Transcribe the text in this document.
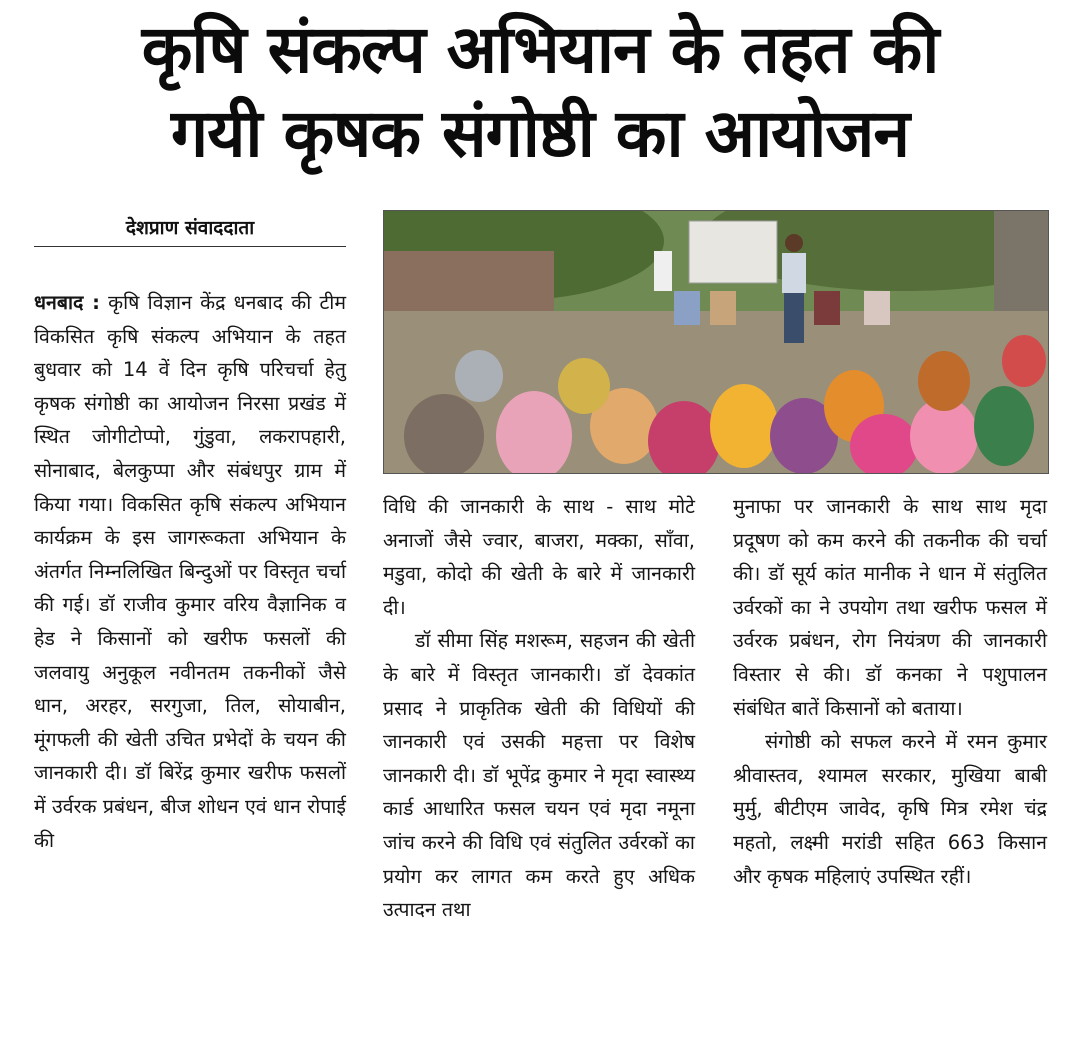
कृषि संकल्प अभियान के तहत की
गयी कृषक संगोष्ठी का आयोजन
देशप्राण संवाददाता

धनबाद : कृषि विज्ञान केंद्र धनबाद की टीम विकसित कृषि संकल्प अभियान के तहत बुधवार को 14 वें दिन कृषि परिचर्चा हेतु कृषक संगोष्ठी का आयोजन निरसा प्रखंड में स्थित जोगीटोप्पो, गुंडुवा, लकरापहारी, सोनाबाद, बेलकुप्पा और संबंधपुर ग्राम में किया गया। विकसित कृषि संकल्प अभियान कार्यक्रम के इस जागरूकता अभियान के अंतर्गत निम्नलिखित बिन्दुओं पर विस्तृत चर्चा की गई। डॉ राजीव कुमार वरिय वैज्ञानिक व हेड ने किसानों को खरीफ फसलों की जलवायु अनुकूल नवीनतम तकनीकों जैसे धान, अरहर, सरगुजा, तिल, सोयाबीन, मूंगफली की खेती उचित प्रभेदों के चयन की जानकारी दी। डॉ बिरेंद्र कुमार खरीफ फसलों में उर्वरक प्रबंधन, बीज शोधन एवं धान रोपाई की

विधि की जानकारी के साथ - साथ मोटे अनाजों जैसे ज्वार, बाजरा, मक्का, साँवा, मडुवा, कोदो की खेती के बारे में जानकारी दी।

डॉ सीमा सिंह मशरूम, सहजन की खेती के बारे में विस्तृत जानकारी। डॉ देवकांत प्रसाद ने प्राकृतिक खेती की विधियों की जानकारी एवं उसकी महत्ता पर विशेष जानकारी दी। डॉ भूपेंद्र कुमार ने मृदा स्वास्थ्य कार्ड आधारित फसल चयन एवं मृदा नमूना जांच करने की विधि एवं संतुलित उर्वरकों का प्रयोग कर लागत कम करते हुए अधिक उत्पादन तथा

मुनाफा पर जानकारी के साथ साथ मृदा प्रदूषण को कम करने की तकनीक की चर्चा की। डॉ सूर्य कांत मानीक ने धान में संतुलित उर्वरकों का ने उपयोग तथा खरीफ फसल में उर्वरक प्रबंधन, रोग नियंत्रण की जानकारी विस्तार से की। डॉ कनका ने पशुपालन संबंधित बातें किसानों को बताया।

संगोष्ठी को सफल करने में रमन कुमार श्रीवास्तव, श्यामल सरकार, मुखिया बाबी मुर्मु, बीटीएम जावेद, कृषि मित्र रमेश चंद्र महतो, लक्ष्मी मरांडी सहित 663 किसान और कृषक महिलाएं उपस्थित रहीं।
